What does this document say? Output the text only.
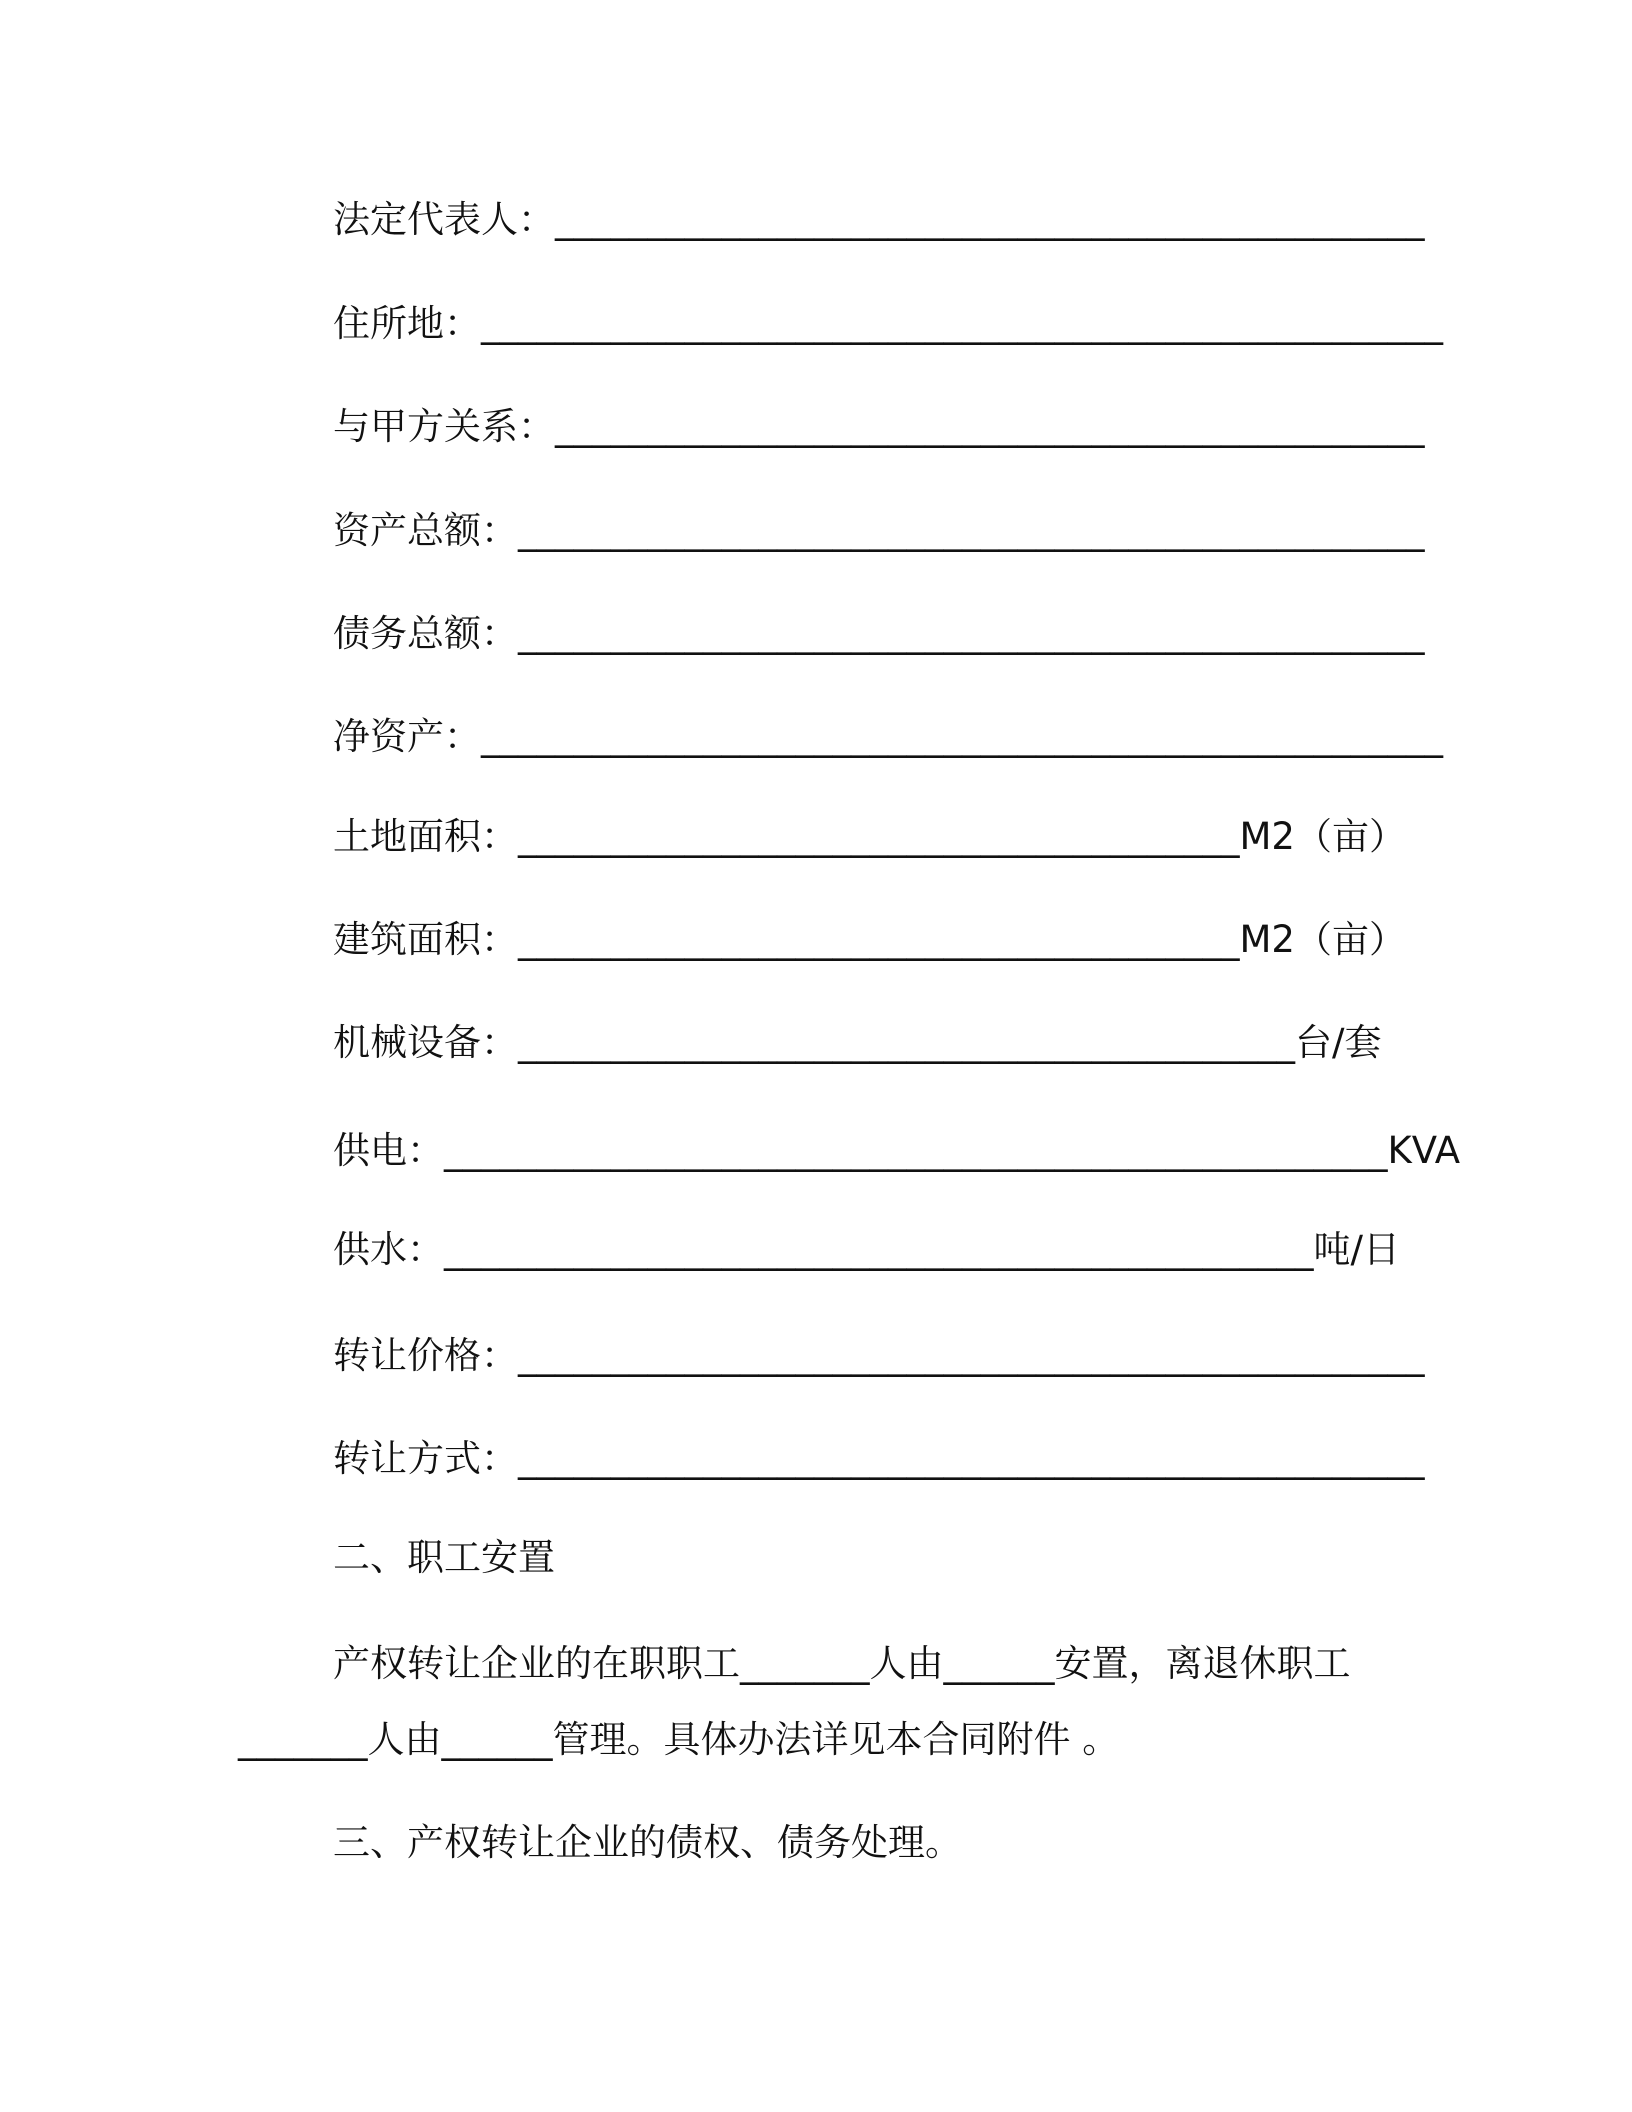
法定代表人：_______________________________________________
住所地：____________________________________________________
与甲方关系：_______________________________________________
资产总额：_________________________________________________
债务总额：_________________________________________________
净资产：____________________________________________________
土地面积：_______________________________________M2（亩）
建筑面积：_______________________________________M2（亩）
机械设备：__________________________________________台/套
供电：___________________________________________________KVA
供水：_______________________________________________吨/日
转让价格：_________________________________________________
转让方式：_________________________________________________
二、职工安置
产权转让企业的在职职工_______人由______安置，离退休职工
_______人由______管理。具体办法详见本合同附件 。
三、产权转让企业的债权、债务处理。
